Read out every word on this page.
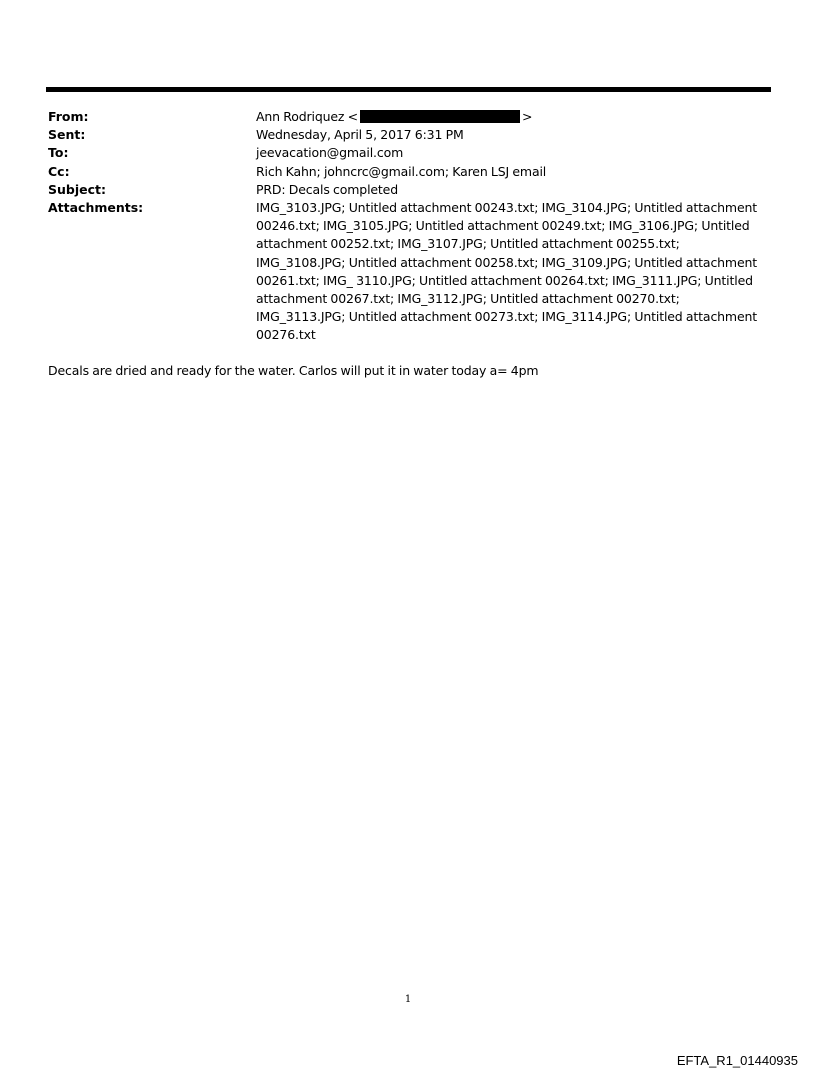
From:	Ann Rodriquez <	>
Sent:	Wednesday, April 5, 2017 6:31 PM
To:	jeevacation@gmail.com
Cc:	Rich Kahn; johncrc@gmail.com; Karen LSJ email
Subject:	PRD: Decals completed
Attachments:	IMG_3103.JPG; Untitled attachment 00243.txt; IMG_3104.JPG; Untitled attachment 00246.txt; IMG_3105.JPG; Untitled attachment 00249.txt; IMG_3106.JPG; Untitled attachment 00252.txt; IMG_3107.JPG; Untitled attachment 00255.txt; IMG_3108.JPG; Untitled attachment 00258.txt; IMG_3109.JPG; Untitled attachment 00261.txt; IMG_ 3110.JPG; Untitled attachment 00264.txt; IMG_3111.JPG; Untitled attachment 00267.txt; IMG_3112.JPG; Untitled attachment 00270.txt; IMG_3113.JPG; Untitled attachment 00273.txt; IMG_3114.JPG; Untitled attachment 00276.txt
Decals are dried and ready for the water. Carlos will put it in water today a= 4pm
1
EFTA_R1_01440935
